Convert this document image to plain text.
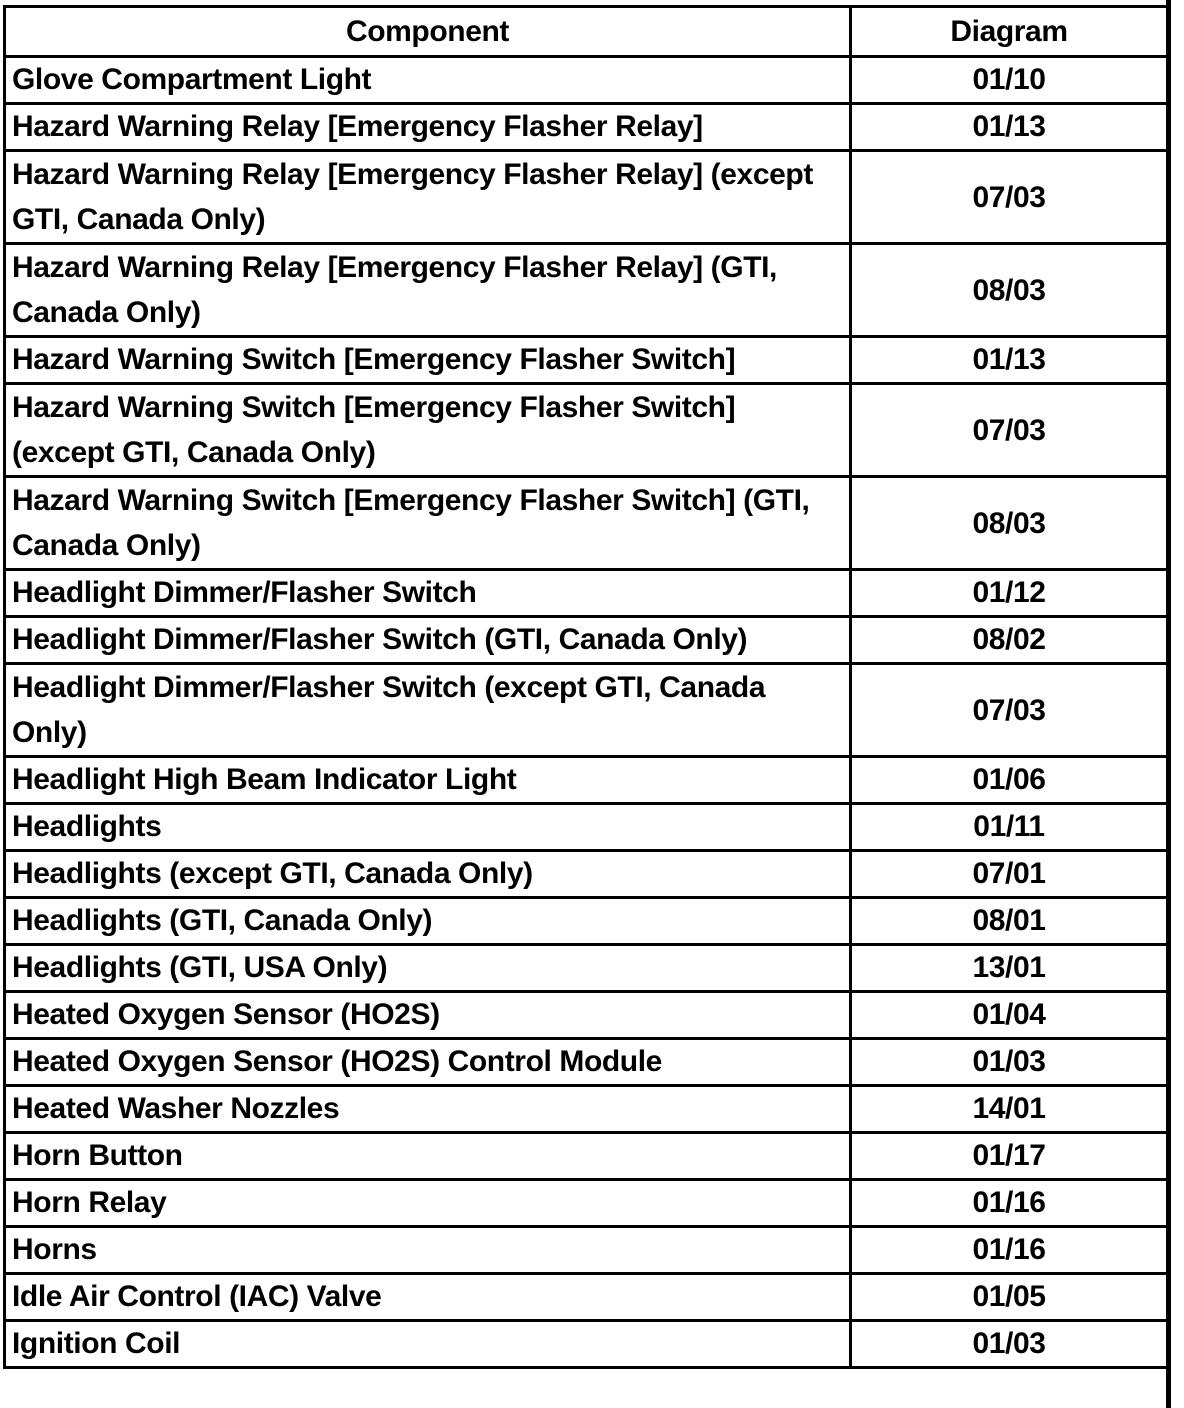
Component	Diagram
Glove Compartment Light	01/10
Hazard Warning Relay [Emergency Flasher Relay]	01/13
Hazard Warning Relay [Emergency Flasher Relay] (except GTI, Canada Only)	07/03
Hazard Warning Relay [Emergency Flasher Relay] (GTI, Canada Only)	08/03
Hazard Warning Switch [Emergency Flasher Switch]	01/13
Hazard Warning Switch [Emergency Flasher Switch] (except GTI, Canada Only)	07/03
Hazard Warning Switch [Emergency Flasher Switch] (GTI, Canada Only)	08/03
Headlight Dimmer/Flasher Switch	01/12
Headlight Dimmer/Flasher Switch (GTI, Canada Only)	08/02
Headlight Dimmer/Flasher Switch (except GTI, Canada Only)	07/03
Headlight High Beam Indicator Light	01/06
Headlights	01/11
Headlights (except GTI, Canada Only)	07/01
Headlights (GTI, Canada Only)	08/01
Headlights (GTI, USA Only)	13/01
Heated Oxygen Sensor (HO2S)	01/04
Heated Oxygen Sensor (HO2S) Control Module	01/03
Heated Washer Nozzles	14/01
Horn Button	01/17
Horn Relay	01/16
Horns	01/16
Idle Air Control (IAC) Valve	01/05
Ignition Coil	01/03
